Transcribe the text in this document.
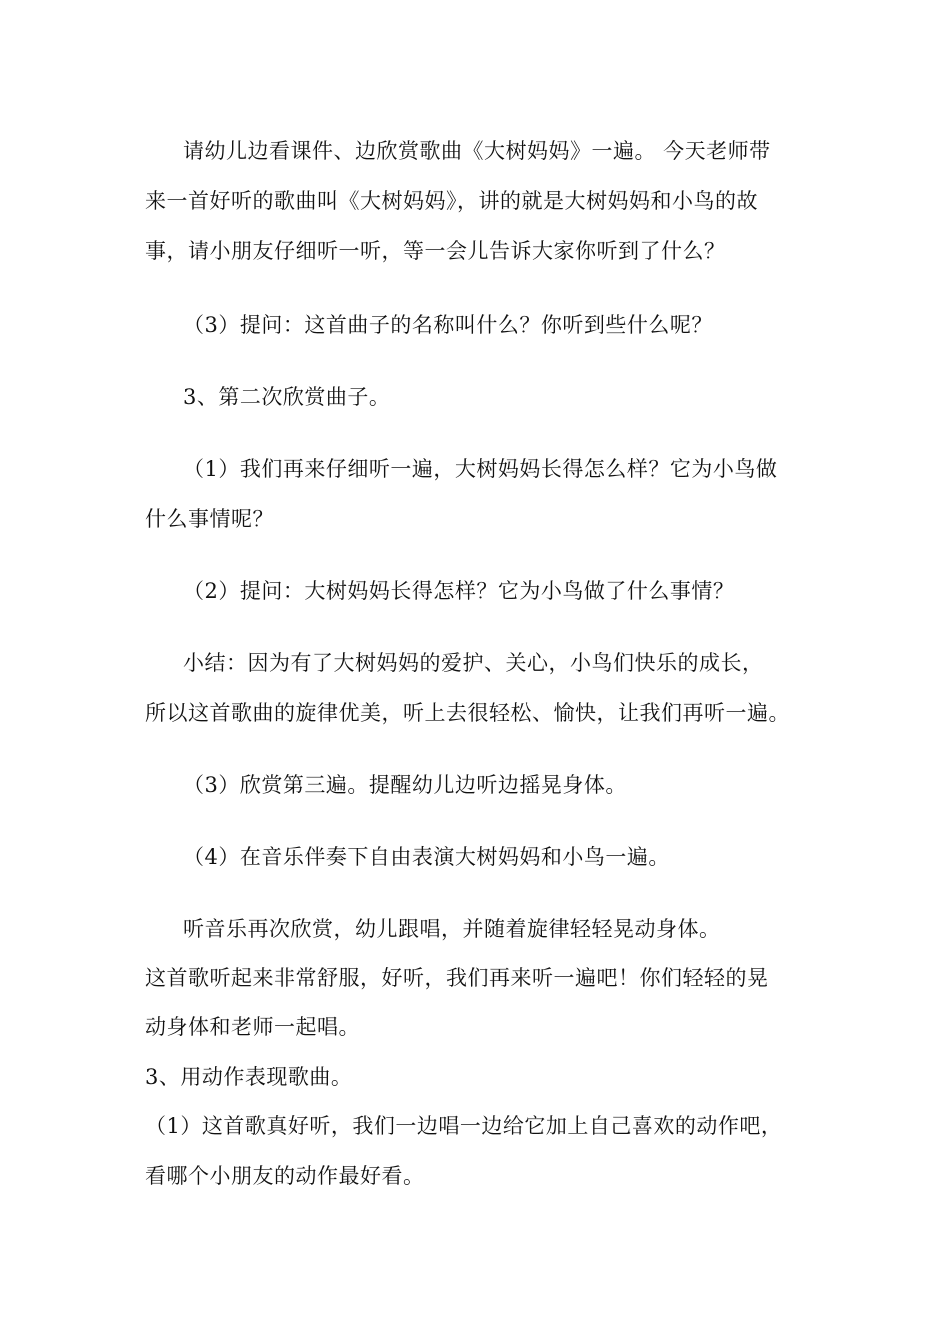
请幼儿边看课件、边欣赏歌曲《大树妈妈》一遍。 今天老师带
来一首好听的歌曲叫《大树妈妈》，讲的就是大树妈妈和小鸟的故
事，请小朋友仔细听一听，等一会儿告诉大家你听到了什么？
（3）提问：这首曲子的名称叫什么？你听到些什么呢？
3、第二次欣赏曲子。
（1）我们再来仔细听一遍，大树妈妈长得怎么样？它为小鸟做
什么事情呢？
（2）提问：大树妈妈长得怎样？它为小鸟做了什么事情？
小结：因为有了大树妈妈的爱护、关心，小鸟们快乐的成长，
所以这首歌曲的旋律优美，听上去很轻松、愉快，让我们再听一遍。
（3）欣赏第三遍。提醒幼儿边听边摇晃身体。
（4）在音乐伴奏下自由表演大树妈妈和小鸟一遍。
听音乐再次欣赏，幼儿跟唱，并随着旋律轻轻晃动身体。
这首歌听起来非常舒服，好听，我们再来听一遍吧！你们轻轻的晃
动身体和老师一起唱。
3、用动作表现歌曲。
（1）这首歌真好听，我们一边唱一边给它加上自己喜欢的动作吧，
看哪个小朋友的动作最好看。
